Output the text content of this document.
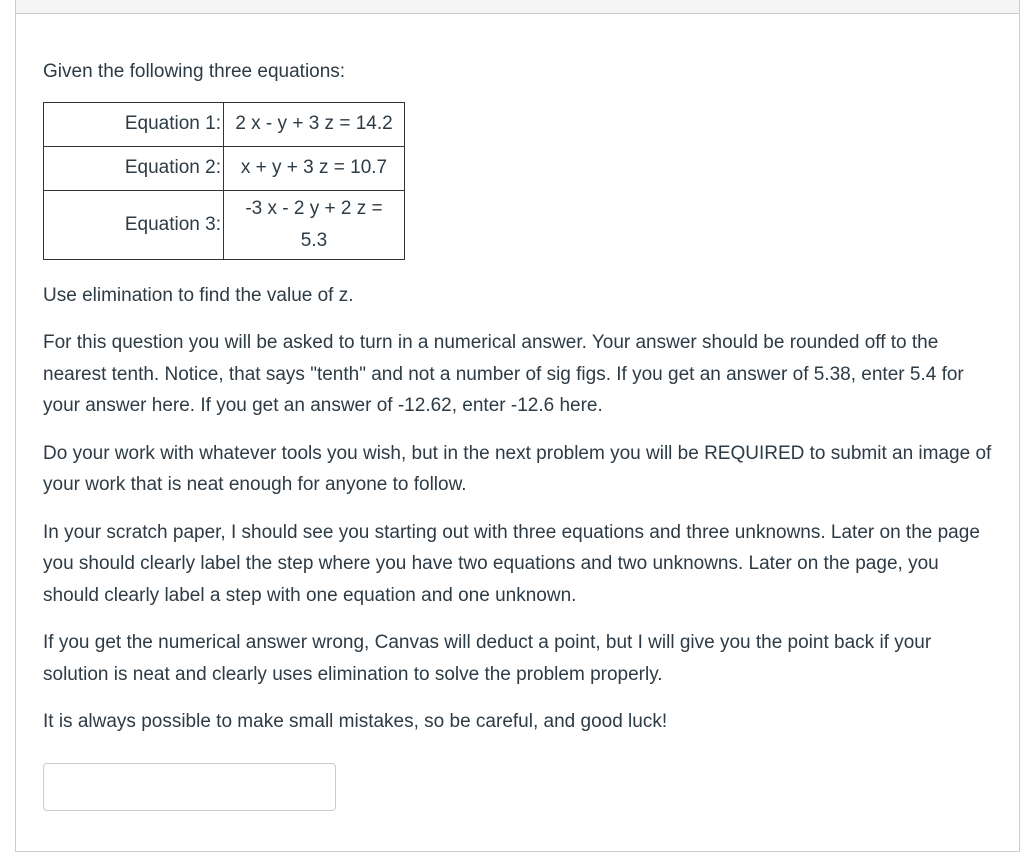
Given the following three equations:

Equation 1:	2 x - y + 3 z = 14.2
Equation 2:	x + y + 3 z = 10.7
Equation 3:	-3 x - 2 y + 2 z =
5.3

Use elimination to find the value of z.

For this question you will be asked to turn in a numerical answer. Your answer should be rounded off to the nearest tenth. Notice, that says "tenth" and not a number of sig figs. If you get an answer of 5.38, enter 5.4 for your answer here. If you get an answer of -12.62, enter -12.6 here.

Do your work with whatever tools you wish, but in the next problem you will be REQUIRED to submit an image of your work that is neat enough for anyone to follow.

In your scratch paper, I should see you starting out with three equations and three unknowns. Later on the page you should clearly label the step where you have two equations and two unknowns. Later on the page, you should clearly label a step with one equation and one unknown.

If you get the numerical answer wrong, Canvas will deduct a point, but I will give you the point back if your solution is neat and clearly uses elimination to solve the problem properly.

It is always possible to make small mistakes, so be careful, and good luck!
